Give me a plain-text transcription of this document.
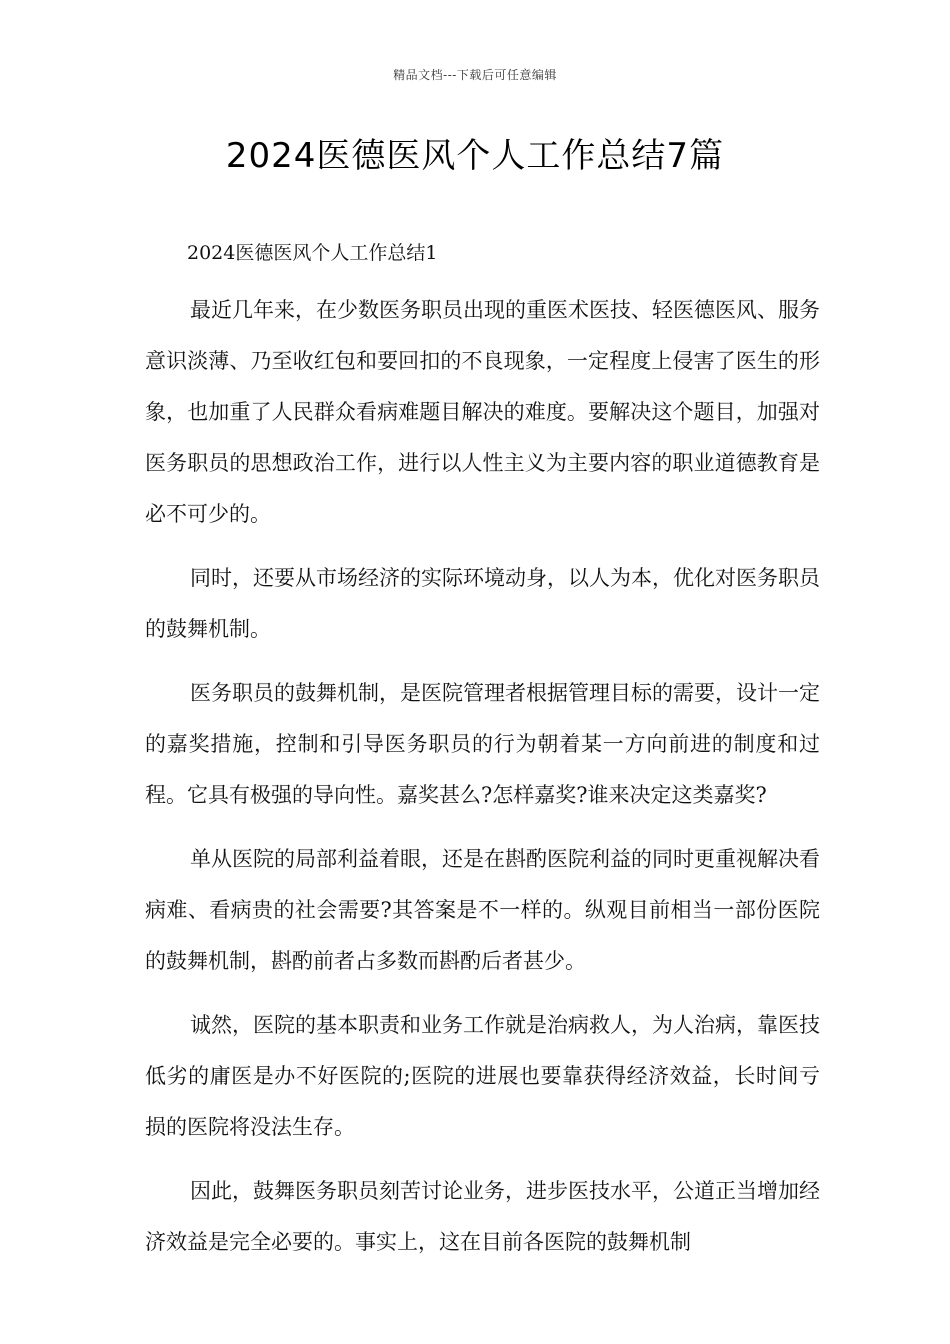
精品文档---下载后可任意编辑
2024医德医风个人工作总结7篇

2024医德医风个人工作总结1

最近几年来，在少数医务职员出现的重医术医技、轻医德医风、服务意识淡薄、乃至收红包和要回扣的不良现象，一定程度上侵害了医生的形象，也加重了人民群众看病难题目解决的难度。要解决这个题目，加强对医务职员的思想政治工作，进行以人性主义为主要内容的职业道德教育是必不可少的。

同时，还要从市场经济的实际环境动身，以人为本，优化对医务职员的鼓舞机制。

医务职员的鼓舞机制，是医院管理者根据管理目标的需要，设计一定的嘉奖措施，控制和引导医务职员的行为朝着某一方向前进的制度和过程。它具有极强的导向性。嘉奖甚么?怎样嘉奖?谁来决定这类嘉奖?

单从医院的局部利益着眼，还是在斟酌医院利益的同时更重视解决看病难、看病贵的社会需要?其答案是不一样的。纵观目前相当一部份医院的鼓舞机制，斟酌前者占多数而斟酌后者甚少。

诚然，医院的基本职责和业务工作就是治病救人，为人治病，靠医技低劣的庸医是办不好医院的;医院的进展也要靠获得经济效益，长时间亏损的医院将没法生存。

因此，鼓舞医务职员刻苦讨论业务，进步医技水平，公道正当增加经济效益是完全必要的。事实上，这在目前各医院的鼓舞机制
